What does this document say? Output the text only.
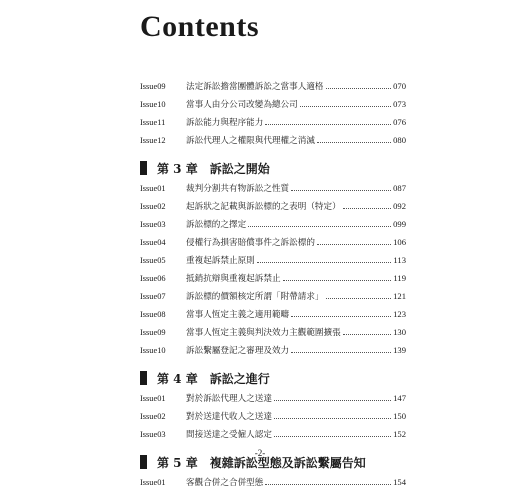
Contents
Issue09	法定訴訟擔當團體訴訟之當事人適格	070
Issue10	當事人由分公司改變為總公司	073
Issue11	訴訟能力與程序能力	076
Issue12	訴訟代理人之權限與代理權之消滅	080
第 3 章 訴訟之開始
Issue01	裁判分割共有物訴訟之性質	087
Issue02	起訴狀之記載與訴訟標的之表明（特定）	092
Issue03	訴訟標的之擇定	099
Issue04	侵權行為損害賠償事件之訴訟標的	106
Issue05	重複起訴禁止原則	113
Issue06	抵銷抗辯與重複起訴禁止	119
Issue07	訴訟標的價額核定所謂「附帶請求」	121
Issue08	當事人恆定主義之適用範疇	123
Issue09	當事人恆定主義與判決效力主觀範圍擴張	130
Issue10	訴訟繫屬登記之審理及效力	139
第 4 章 訴訟之進行
Issue01	對於訴訟代理人之送達	147
Issue02	對於送達代收人之送達	150
Issue03	間接送達之受僱人認定	152
第 5 章 複雜訴訟型態及訴訟繫屬告知
Issue01	客觀合併之合併型態	154
-2-
